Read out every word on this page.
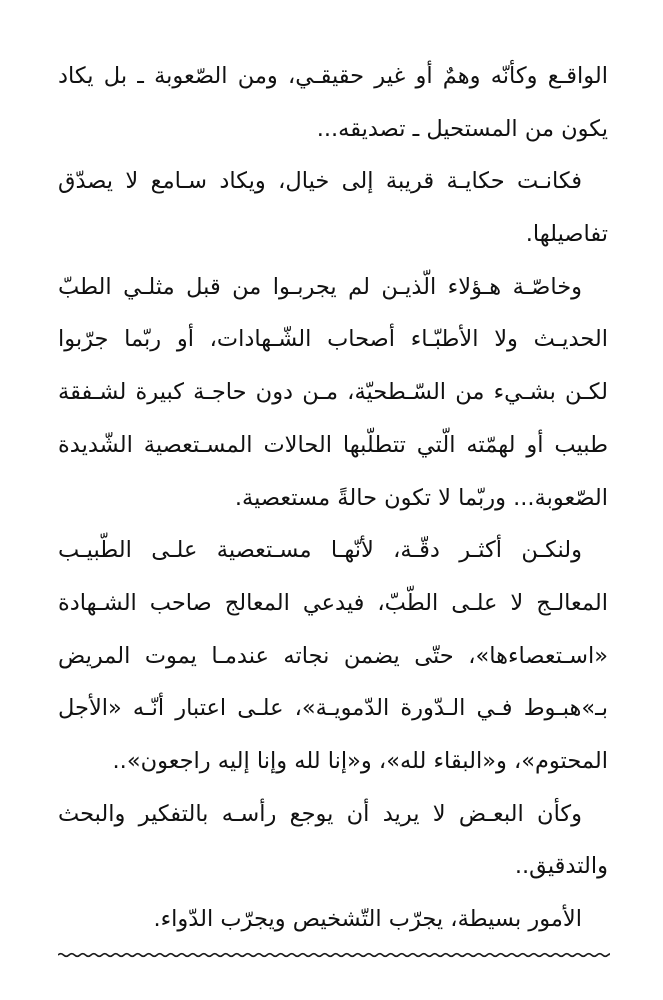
الواقـع وكأنّه وهمٌ أو غير حقيقـي، ومن الصّعوبة ـ بل يكاد
يكون من المستحيل ـ تصديقه...
فكانـت حكايـة قريبة إلى خيال، ويكاد سـامع لا يصدّق
تفاصيلها.
وخاصّـة هـؤلاء الّذيـن لم يجربـوا من قبل مثلـي الطبّ
الحديـث ولا الأطبّـاء أصحاب الشّـهادات، أو ربّما جرّبوا
لكـن بشـيء من السّـطحيّة، مـن دون حاجـة كبيرة لشـفقة
طبيب أو لهمّته الّتي تتطلّبها الحالات المسـتعصية الشّديدة
الصّعوبة... وربّما لا تكون حالةً مستعصية.
ولنكـن أكثـر دقّـة، لأنّهـا مسـتعصية علـى الطّبيـب
المعالـج لا علـى الطّبّ، فيدعي المعالج صاحب الشـهادة
«اسـتعصاءها»، حتّى يضمن نجاته عندمـا يموت المريض
بـ»هبـوط فـي الـدّورة الدّمويـة»، علـى اعتبار أنّـه «الأجل
المحتوم»، و«البقاء لله»، و«إنا لله وإنا إليه راجعون»..
وكأن البعـض لا يريد أن يوجع رأسـه بالتفكير والبحث
والتدقيق..
الأمور بسيطة، يجرّب التّشخيص ويجرّب الدّواء.
